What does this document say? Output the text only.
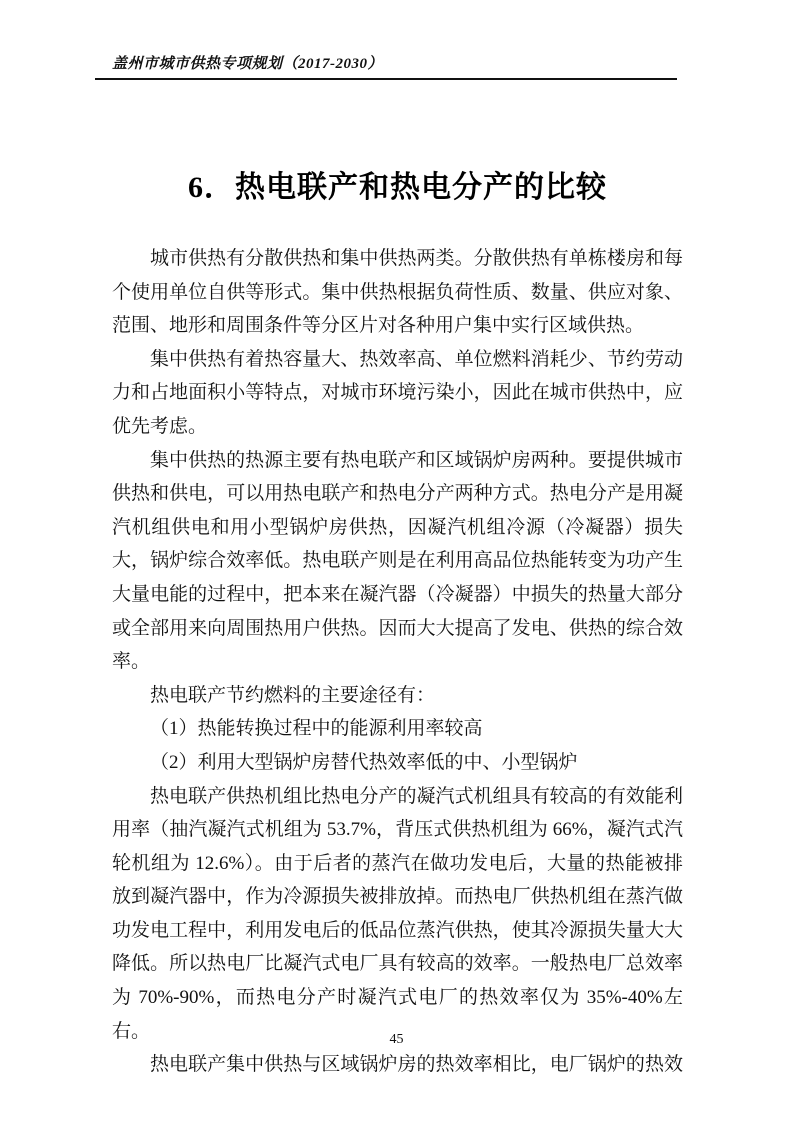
盖州市城市供热专项规划（2017-2030）
6．热电联产和热电分产的比较

城市供热有分散供热和集中供热两类。分散供热有单栋楼房和每个使用单位自供等形式。集中供热根据负荷性质、数量、供应对象、范围、地形和周围条件等分区片对各种用户集中实行区域供热。

集中供热有着热容量大、热效率高、单位燃料消耗少、节约劳动力和占地面积小等特点，对城市环境污染小，因此在城市供热中，应优先考虑。

集中供热的热源主要有热电联产和区域锅炉房两种。要提供城市供热和供电，可以用热电联产和热电分产两种方式。热电分产是用凝汽机组供电和用小型锅炉房供热，因凝汽机组冷源（冷凝器）损失大，锅炉综合效率低。热电联产则是在利用高品位热能转变为功产生大量电能的过程中，把本来在凝汽器（冷凝器）中损失的热量大部分或全部用来向周围热用户供热。因而大大提高了发电、供热的综合效率。

热电联产节约燃料的主要途径有：

（1）热能转换过程中的能源利用率较高

（2）利用大型锅炉房替代热效率低的中、小型锅炉

热电联产供热机组比热电分产的凝汽式机组具有较高的有效能利用率（抽汽凝汽式机组为 53.7%，背压式供热机组为 66%，凝汽式汽轮机组为 12.6%）。由于后者的蒸汽在做功发电后，大量的热能被排放到凝汽器中，作为冷源损失被排放掉。而热电厂供热机组在蒸汽做功发电工程中，利用发电后的低品位蒸汽供热，使其冷源损失量大大降低。所以热电厂比凝汽式电厂具有较高的效率。一般热电厂总效率为 70%-90%，而热电分产时凝汽式电厂的热效率仅为 35%-40%左右。

热电联产集中供热与区域锅炉房的热效率相比，电厂锅炉的热效

45
